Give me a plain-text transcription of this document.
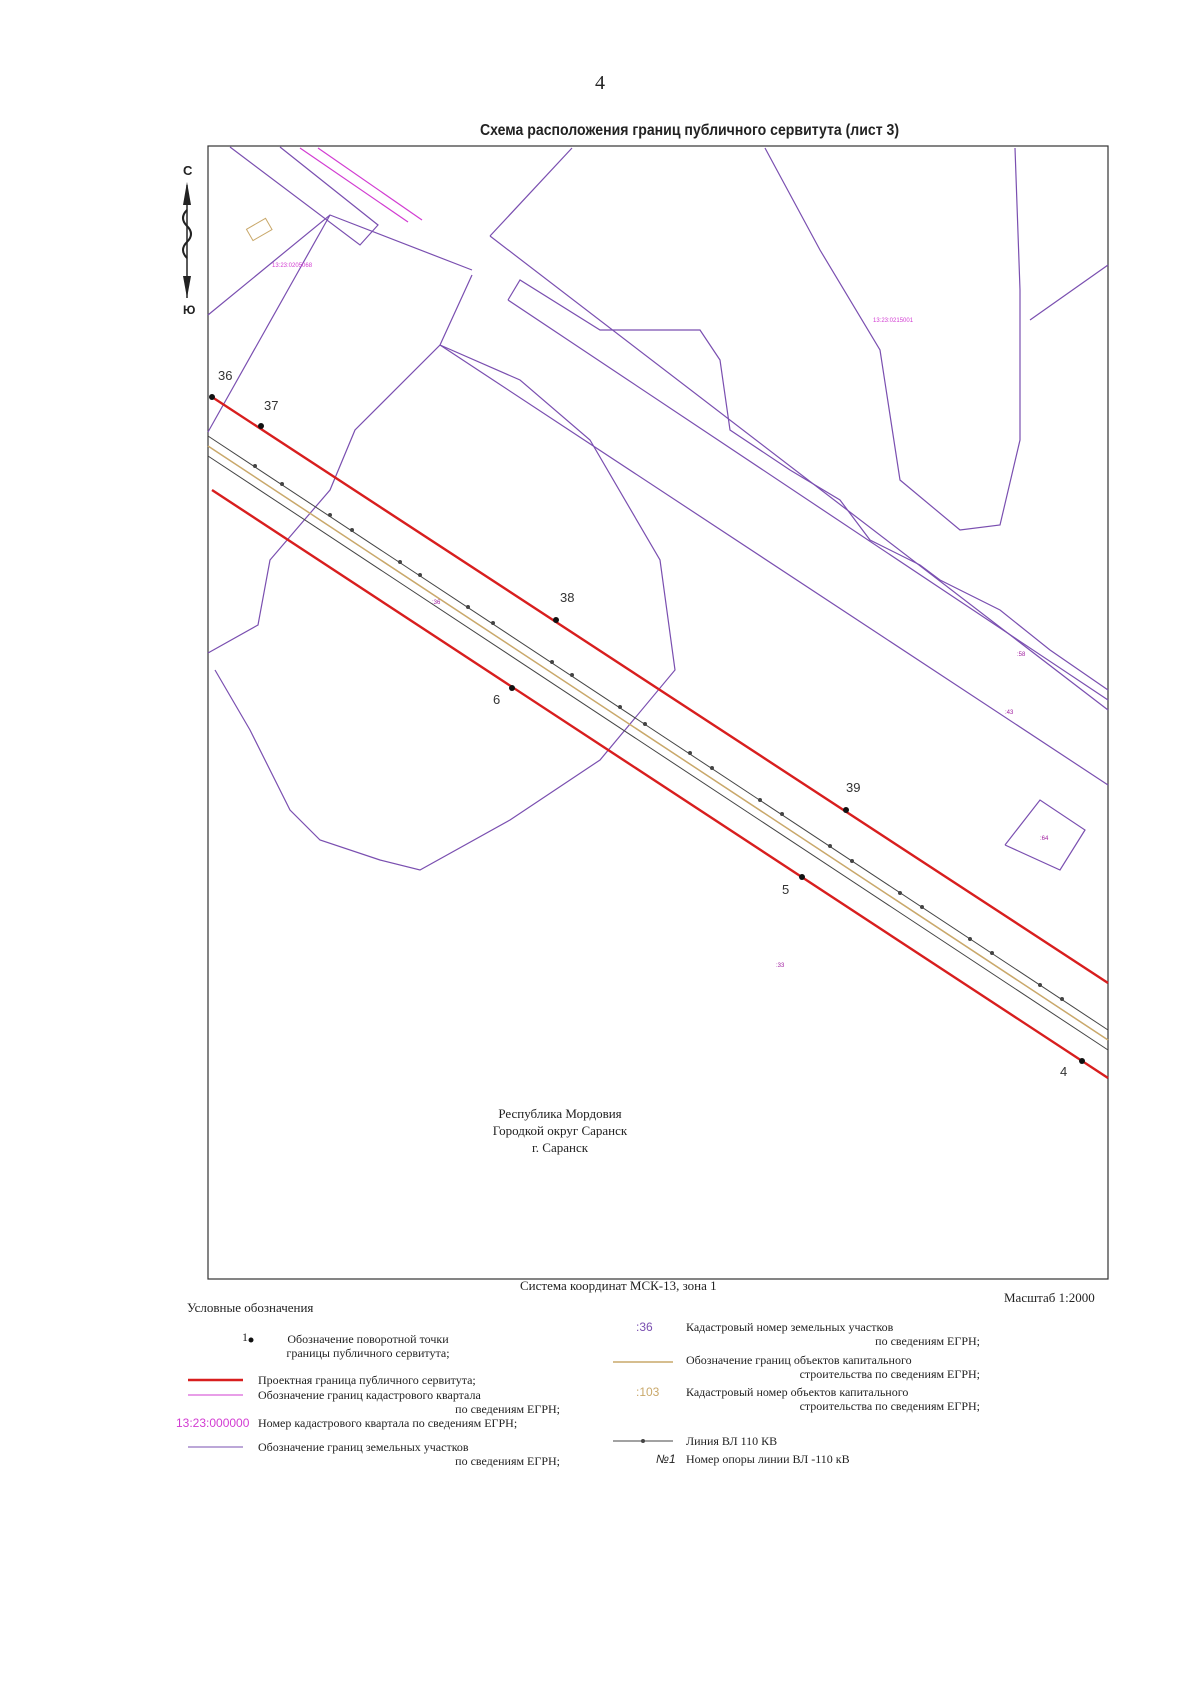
4
Схема расположения границ публичного сервитута (лист 3)
С
Ю
36
37
38
6
39
5
4
:36
:58
:43
:64
:33
13:23:0205068
13:23:0215001
Республика Мордовия
Городкой округ Саранск
г. Саранск
Система координат МСК-13, зона 1
Масштаб 1:2000
Условные обозначения
1	Обозначение поворотной точки
границы публичного сервитута;
Проектная граница публичного сервитута;
Обозначение границ кадастрового квартала
по сведениям ЕГРН;
13:23:000000 Номер кадастрового квартала по сведениям ЕГРН;
Обозначение границ земельных участков
по сведениям ЕГРН;
:36	Кадастровый номер земельных участков
по сведениям ЕГРН;
Обозначение границ объектов капитального
строительства по сведениям ЕГРН;
:103 Кадастровый номер объектов капитального
строительства по сведениям ЕГРН;
Линия ВЛ 110 КВ
№1 Номер опоры линии ВЛ -110 кВ
